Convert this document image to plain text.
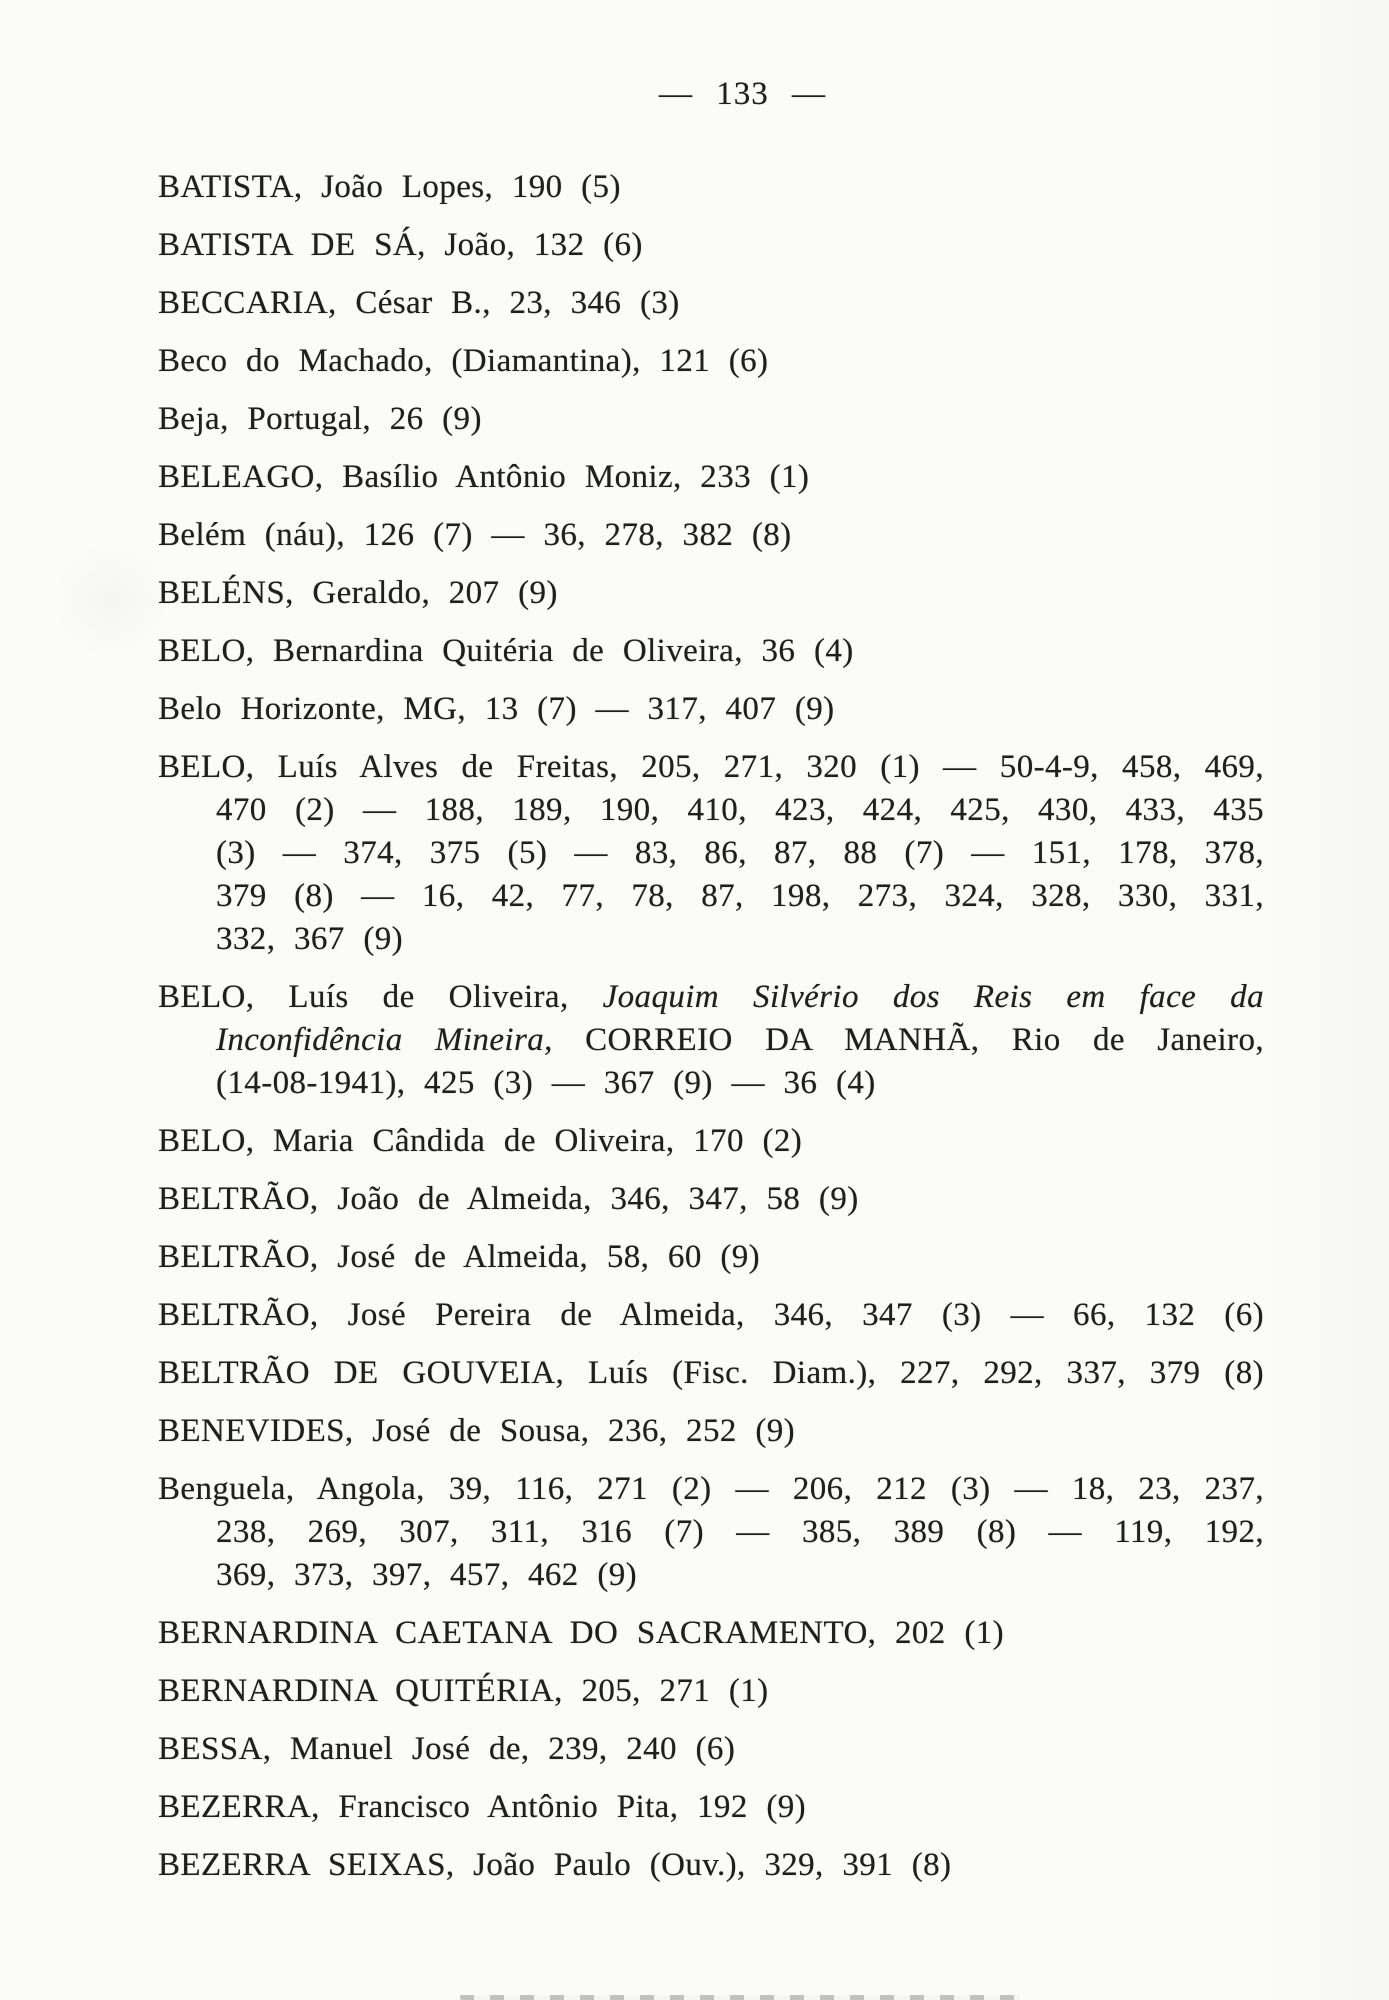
— 133 —

BATISTA, João Lopes, 190 (5)

BATISTA DE SÁ, João, 132 (6)

BECCARIA, César B., 23, 346 (3)

Beco do Machado, (Diamantina), 121 (6)

Beja, Portugal, 26 (9)

BELEAGO, Basílio Antônio Moniz, 233 (1)

Belém (náu), 126 (7) — 36, 278, 382 (8)

BELÉNS, Geraldo, 207 (9)

BELO, Bernardina Quitéria de Oliveira, 36 (4)

Belo Horizonte, MG, 13 (7) — 317, 407 (9)

BELO, Luís Alves de Freitas, 205, 271, 320 (1) — 50-4-9, 458, 469,
470 (2) — 188, 189, 190, 410, 423, 424, 425, 430, 433, 435
(3) — 374, 375 (5) — 83, 86, 87, 88 (7) — 151, 178, 378,
379 (8) — 16, 42, 77, 78, 87, 198, 273, 324, 328, 330, 331,
332, 367 (9)

BELO, Luís de Oliveira, Joaquim Silvério dos Reis em face da
Inconfidência Mineira, CORREIO DA MANHÃ, Rio de Janeiro,
(14-08-1941), 425 (3) — 367 (9) — 36 (4)

BELO, Maria Cândida de Oliveira, 170 (2)

BELTRÃO, João de Almeida, 346, 347, 58 (9)

BELTRÃO, José de Almeida, 58, 60 (9)

BELTRÃO, José Pereira de Almeida, 346, 347 (3) — 66, 132 (6)

BELTRÃO DE GOUVEIA, Luís (Fisc. Diam.), 227, 292, 337, 379 (8)

BENEVIDES, José de Sousa, 236, 252 (9)

Benguela, Angola, 39, 116, 271 (2) — 206, 212 (3) — 18, 23, 237,
238, 269, 307, 311, 316 (7) — 385, 389 (8) — 119, 192,
369, 373, 397, 457, 462 (9)

BERNARDINA CAETANA DO SACRAMENTO, 202 (1)

BERNARDINA QUITÉRIA, 205, 271 (1)

BESSA, Manuel José de, 239, 240 (6)

BEZERRA, Francisco Antônio Pita, 192 (9)

BEZERRA SEIXAS, João Paulo (Ouv.), 329, 391 (8)
